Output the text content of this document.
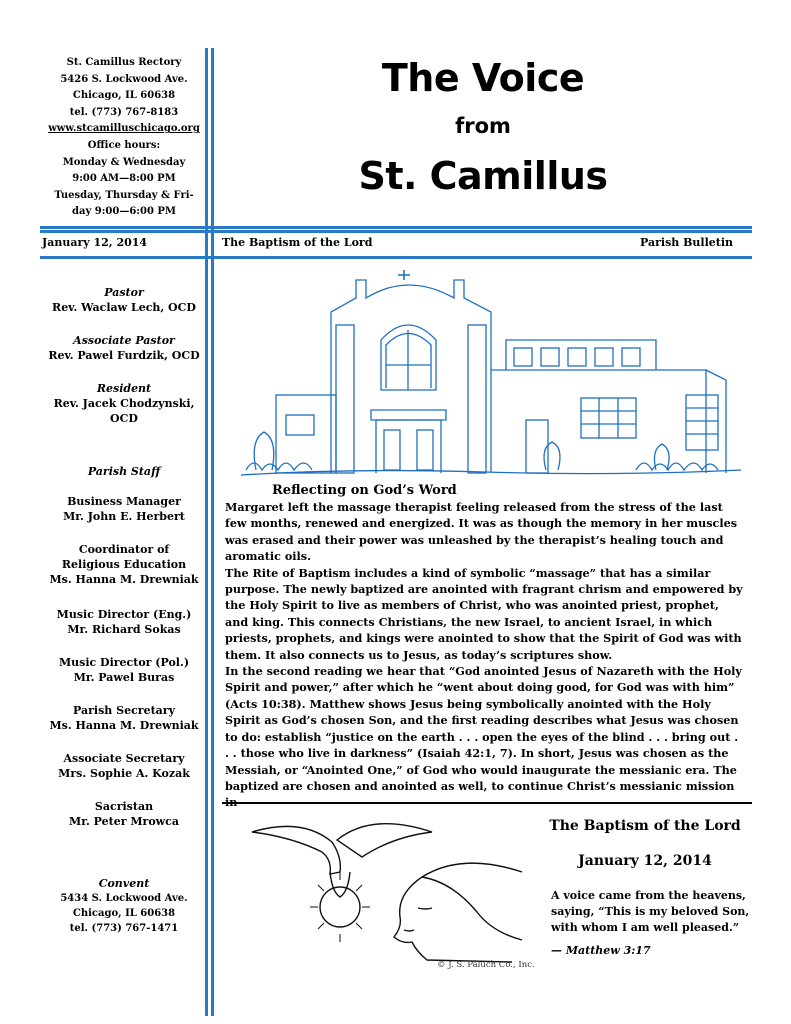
St. Camillus Rectory
5426 S. Lockwood Ave.
Chicago, IL 60638
tel. (773) 767-8183
www.stcamilluschicago.org
Office hours:
Monday & Wednesday
9:00 AM—8:00 PM
Tuesday, Thursday & Fri-
day 9:00—6:00 PM
The Voice
from
St. Camillus
January 12, 2014	The Baptism of the Lord	Parish Bulletin
Pastor
Rev. Waclaw Lech, OCD
Associate Pastor
Rev. Pawel Furdzik, OCD
Resident
Rev. Jacek Chodzynski,
OCD
Parish Staff
Business Manager
Mr. John E. Herbert
Coordinator of Religious Education
Ms. Hanna M. Drewniak
Music Director (Eng.)
Mr. Richard Sokas
Music Director (Pol.)
Mr. Pawel Buras
Parish Secretary
Ms. Hanna M. Drewniak
Associate Secretary
Mrs. Sophie A. Kozak
Sacristan
Mr. Peter Mrowca
Convent
5434 S. Lockwood Ave.
Chicago, IL 60638
tel. (773) 767-1471
Reflecting on God’s Word

Margaret left the massage therapist feeling released from the stress of the last few months, renewed and energized. It was as though the memory in her muscles was erased and their power was unleashed by the therapist’s healing touch and aromatic oils.

The Rite of Baptism includes a kind of symbolic “massage” that has a similar purpose. The newly baptized are anointed with fragrant chrism and empowered by the Holy Spirit to live as members of Christ, who was anointed priest, prophet, and king. This connects Christians, the new Israel, to ancient Israel, in which priests, prophets, and kings were anointed to show that the Spirit of God was with them. It also connects us to Jesus, as today’s scriptures show.

In the second reading we hear that “God anointed Jesus of Nazareth with the Holy Spirit and power,” after which he “went about doing good, for God was with him” (Acts 10:38). Matthew shows Jesus being symbolically anointed with the Holy Spirit as God’s chosen Son, and the first reading describes what Jesus was chosen to do: establish “justice on the earth . . . open the eyes of the blind . . . bring out . . . those who live in darkness” (Isaiah 42:1, 7). In short, Jesus was chosen as the Messiah, or “Anointed One,” of God who would inaugurate the messianic era. The baptized are chosen and anointed as well, to continue Christ’s messianic mission

© J. S. Paluch Co., Inc.
The Baptism of the Lord
January 12, 2014
A voice came from the heavens, saying, “This is my beloved Son, with whom I am well pleased.”
— Matthew 3:17
